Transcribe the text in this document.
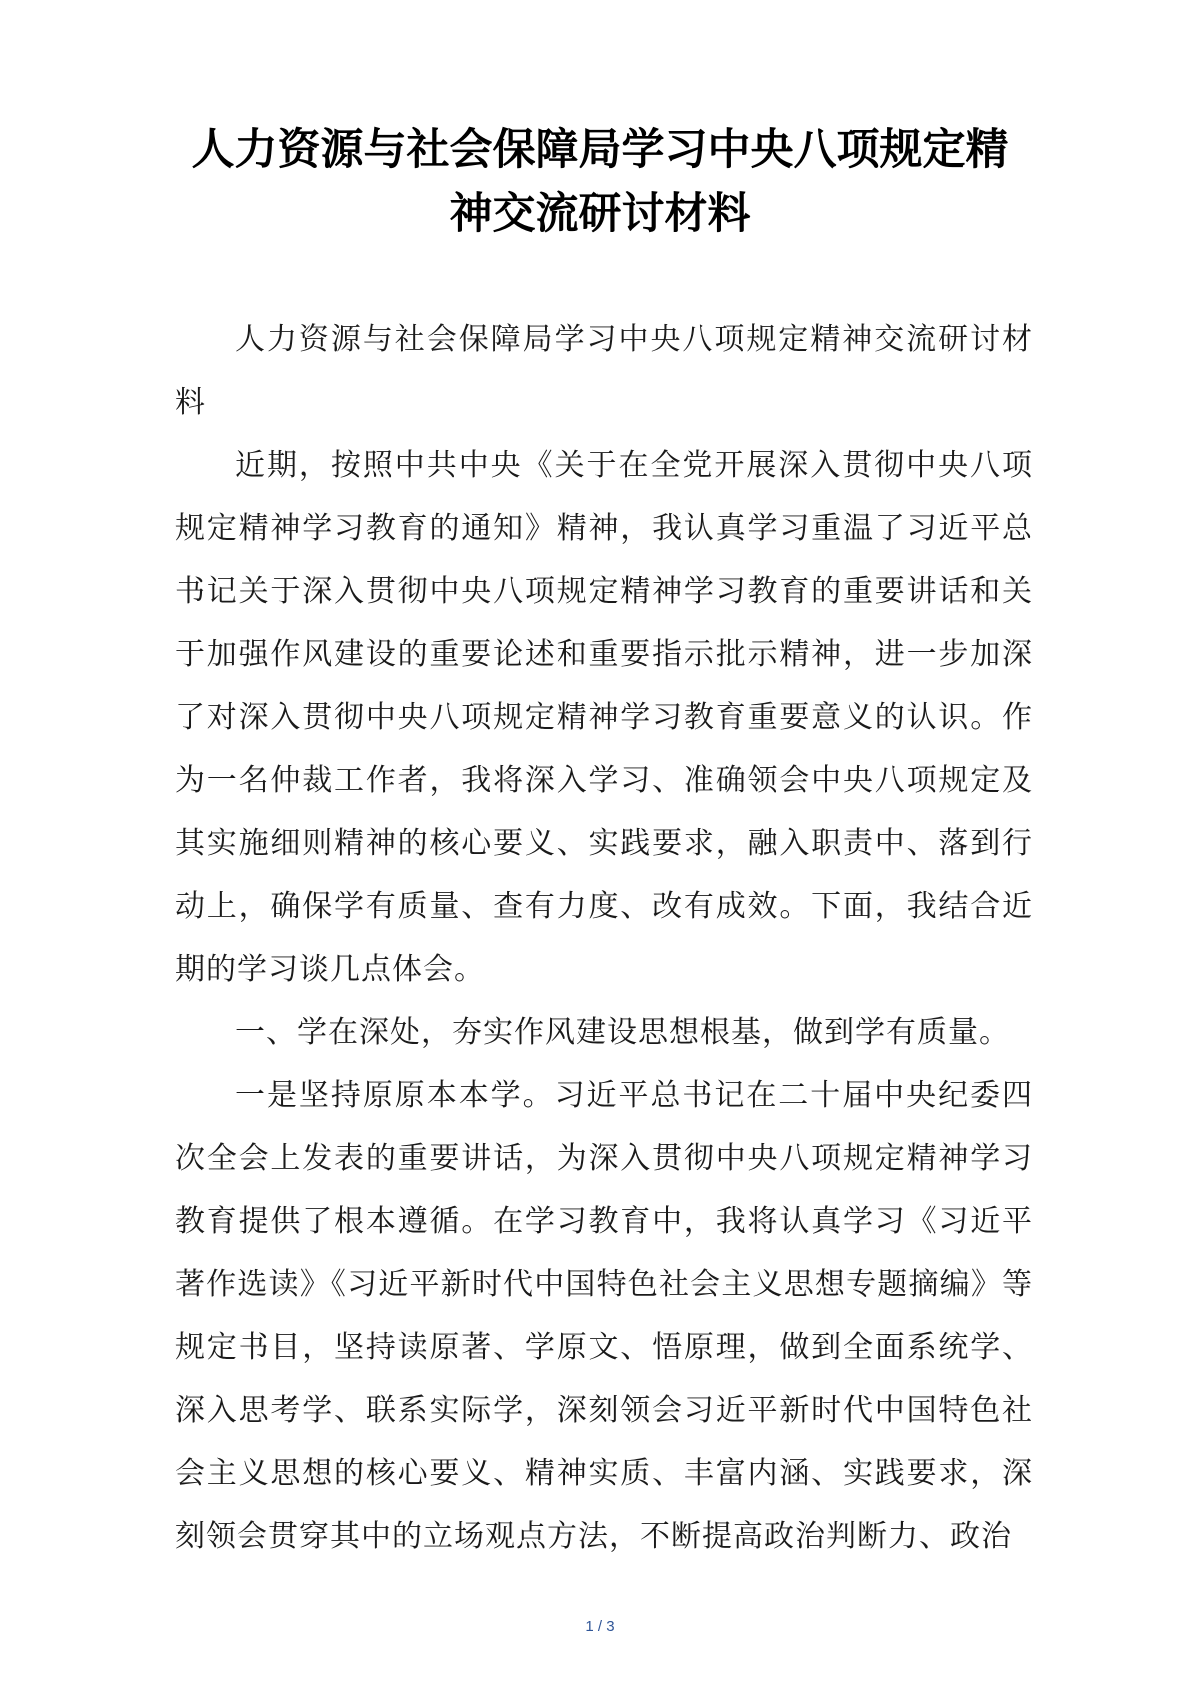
人力资源与社会保障局学习中央八项规定精
神交流研讨材料

人力资源与社会保障局学习中央八项规定精神交流研讨材料

近期，按照中共中央《关于在全党开展深入贯彻中央八项规定精神学习教育的通知》精神，我认真学习重温了习近平总书记关于深入贯彻中央八项规定精神学习教育的重要讲话和关于加强作风建设的重要论述和重要指示批示精神，进一步加深了对深入贯彻中央八项规定精神学习教育重要意义的认识。作为一名仲裁工作者，我将深入学习、准确领会中央八项规定及其实施细则精神的核心要义、实践要求，融入职责中、落到行动上，确保学有质量、查有力度、改有成效。下面，我结合近期的学习谈几点体会。

一、学在深处，夯实作风建设思想根基，做到学有质量。

一是坚持原原本本学。习近平总书记在二十届中央纪委四次全会上发表的重要讲话，为深入贯彻中央八项规定精神学习教育提供了根本遵循。在学习教育中，我将认真学习《习近平著作选读》《习近平新时代中国特色社会主义思想专题摘编》等规定书目，坚持读原著、学原文、悟原理，做到全面系统学、深入思考学、联系实际学，深刻领会习近平新时代中国特色社会主义思想的核心要义、精神实质、丰富内涵、实践要求，深刻领会贯穿其中的立场观点方法，不断提高政治判断力、政治

1 / 3
